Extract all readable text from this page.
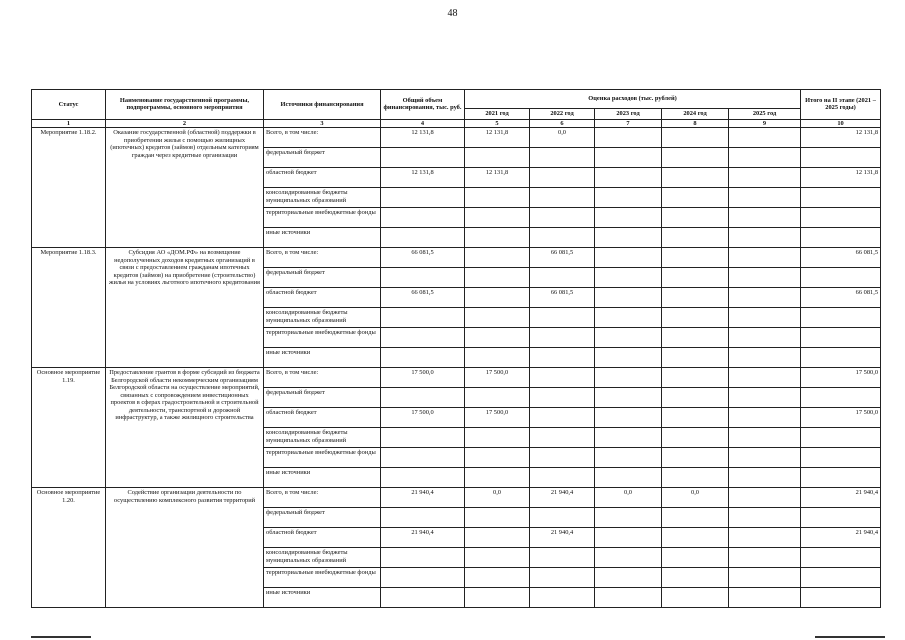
48
Статус	Наименование государственной программы, подпрограммы, основного мероприятия	Источники финансирования	Общий объем финансирования, тыс. руб.	Оценка расходов (тыс. рублей)					Итого на II этапе (2021 – 2025 годы)
				2021 год	2022 год	2023 год	2024 год	2025 год	
1	2	3	4	5	6	7	8	9	10
Мероприятие 1.18.2.	Оказание государственной (областной) поддержки в приобретении жилья с помощью жилищных (ипотечных) кредитов (займов) отдельным категориям граждан через кредитные организации	Всего, в том числе:	12 131,8	12 131,8	0,0				12 131,8
		федеральный бюджет							
		областной бюджет	12 131,8	12 131,8					12 131,8
		консолидированные бюджеты муниципальных образований							
		территориальные внебюджетные фонды							
		иные источники							
Мероприятие 1.18.3.	Субсидия АО «ДОМ.РФ» на возмещение недополученных доходов кредитных организаций в связи с предоставлением гражданам ипотечных кредитов (займов) на приобретение (строительство) жилья на условиях льготного ипотечного кредитования	Всего, в том числе:	66 081,5		66 081,5				66 081,5
		федеральный бюджет							
		областной бюджет	66 081,5		66 081,5				66 081,5
		консолидированные бюджеты муниципальных образований							
		территориальные внебюджетные фонды							
		иные источники							
Основное мероприятие 1.19.	Предоставление грантов в форме субсидий из бюджета Белгородской области некоммерческим организациям Белгородской области на осуществление мероприятий, связанных с сопровождением инвестиционных проектов в сферах градостроительной и строительной деятельности, транспортной и дорожной инфраструктур, а также жилищного строительства	Всего, в том числе:	17 500,0	17 500,0					17 500,0
		федеральный бюджет							
		областной бюджет	17 500,0	17 500,0					17 500,0
		консолидированные бюджеты муниципальных образований							
		территориальные внебюджетные фонды							
		иные источники							
Основное мероприятие 1.20.	Содействие организации деятельности по осуществлению комплексного развития территорий	Всего, в том числе:	21 940,4	0,0	21 940,4	0,0	0,0		21 940,4
		федеральный бюджет							
		областной бюджет	21 940,4		21 940,4				21 940,4
		консолидированные бюджеты муниципальных образований							
		территориальные внебюджетные фонды							
		иные источники							
